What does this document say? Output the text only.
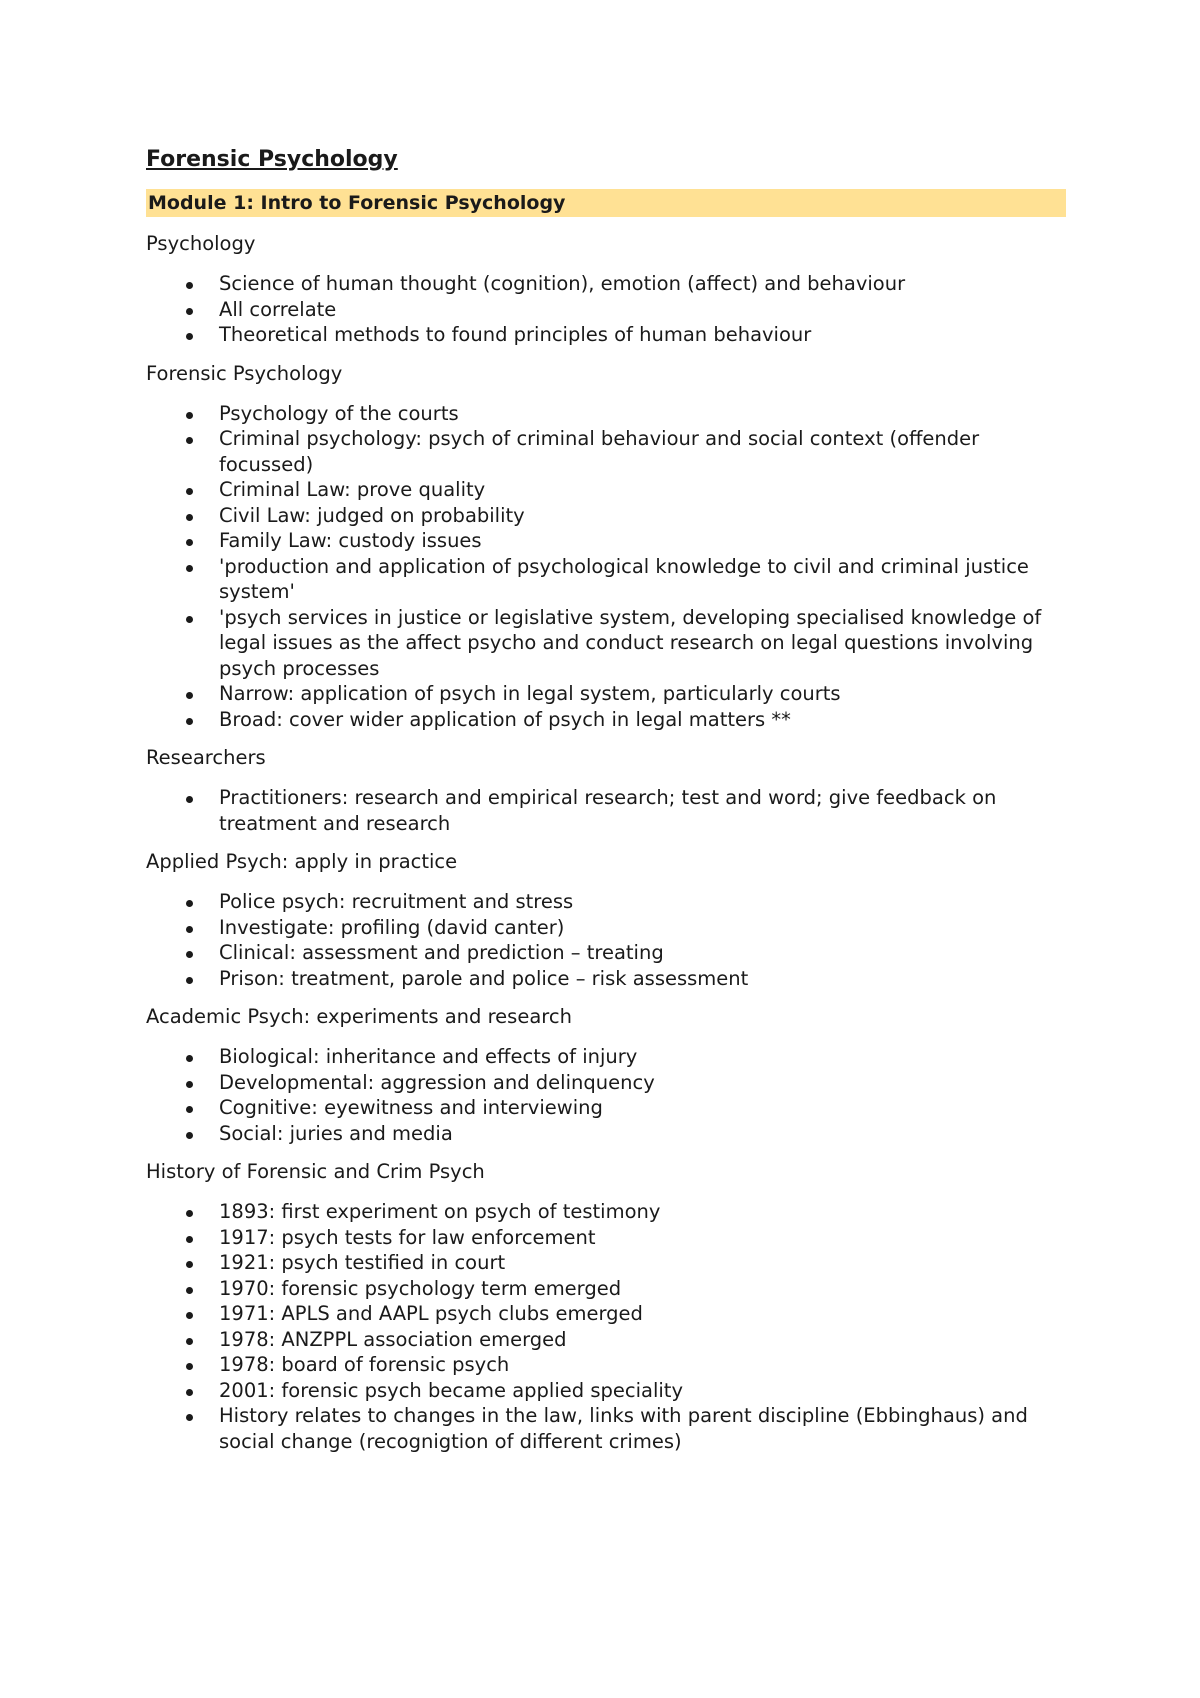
Forensic Psychology
Module 1: Intro to Forensic Psychology
Psychology
Science of human thought (cognition), emotion (affect) and behaviour
All correlate
Theoretical methods to found principles of human behaviour
Forensic Psychology
Psychology of the courts
Criminal psychology: psych of criminal behaviour and social context (offender focussed)
Criminal Law: prove quality
Civil Law: judged on probability
Family Law: custody issues
'production and application of psychological knowledge to civil and criminal justice system'
'psych services in justice or legislative system, developing specialised knowledge of legal issues as the affect psycho and conduct research on legal questions involving psych processes
Narrow: application of psych in legal system, particularly courts
Broad: cover wider application of psych in legal matters **
Researchers
Practitioners: research and empirical research; test and word; give feedback on treatment and research
Applied Psych: apply in practice
Police psych: recruitment and stress
Investigate: profiling (david canter)
Clinical: assessment and prediction – treating
Prison: treatment, parole and police – risk assessment
Academic Psych: experiments and research
Biological: inheritance and effects of injury
Developmental: aggression and delinquency
Cognitive: eyewitness and interviewing
Social: juries and media
History of Forensic and Crim Psych
1893: first experiment on psych of testimony
1917: psych tests for law enforcement
1921: psych testified in court
1970: forensic psychology term emerged
1971: APLS and AAPL psych clubs emerged
1978: ANZPPL association emerged
1978: board of forensic psych
2001: forensic psych became applied speciality
History relates to changes in the law, links with parent discipline (Ebbinghaus) and social change (recognigtion of different crimes)
